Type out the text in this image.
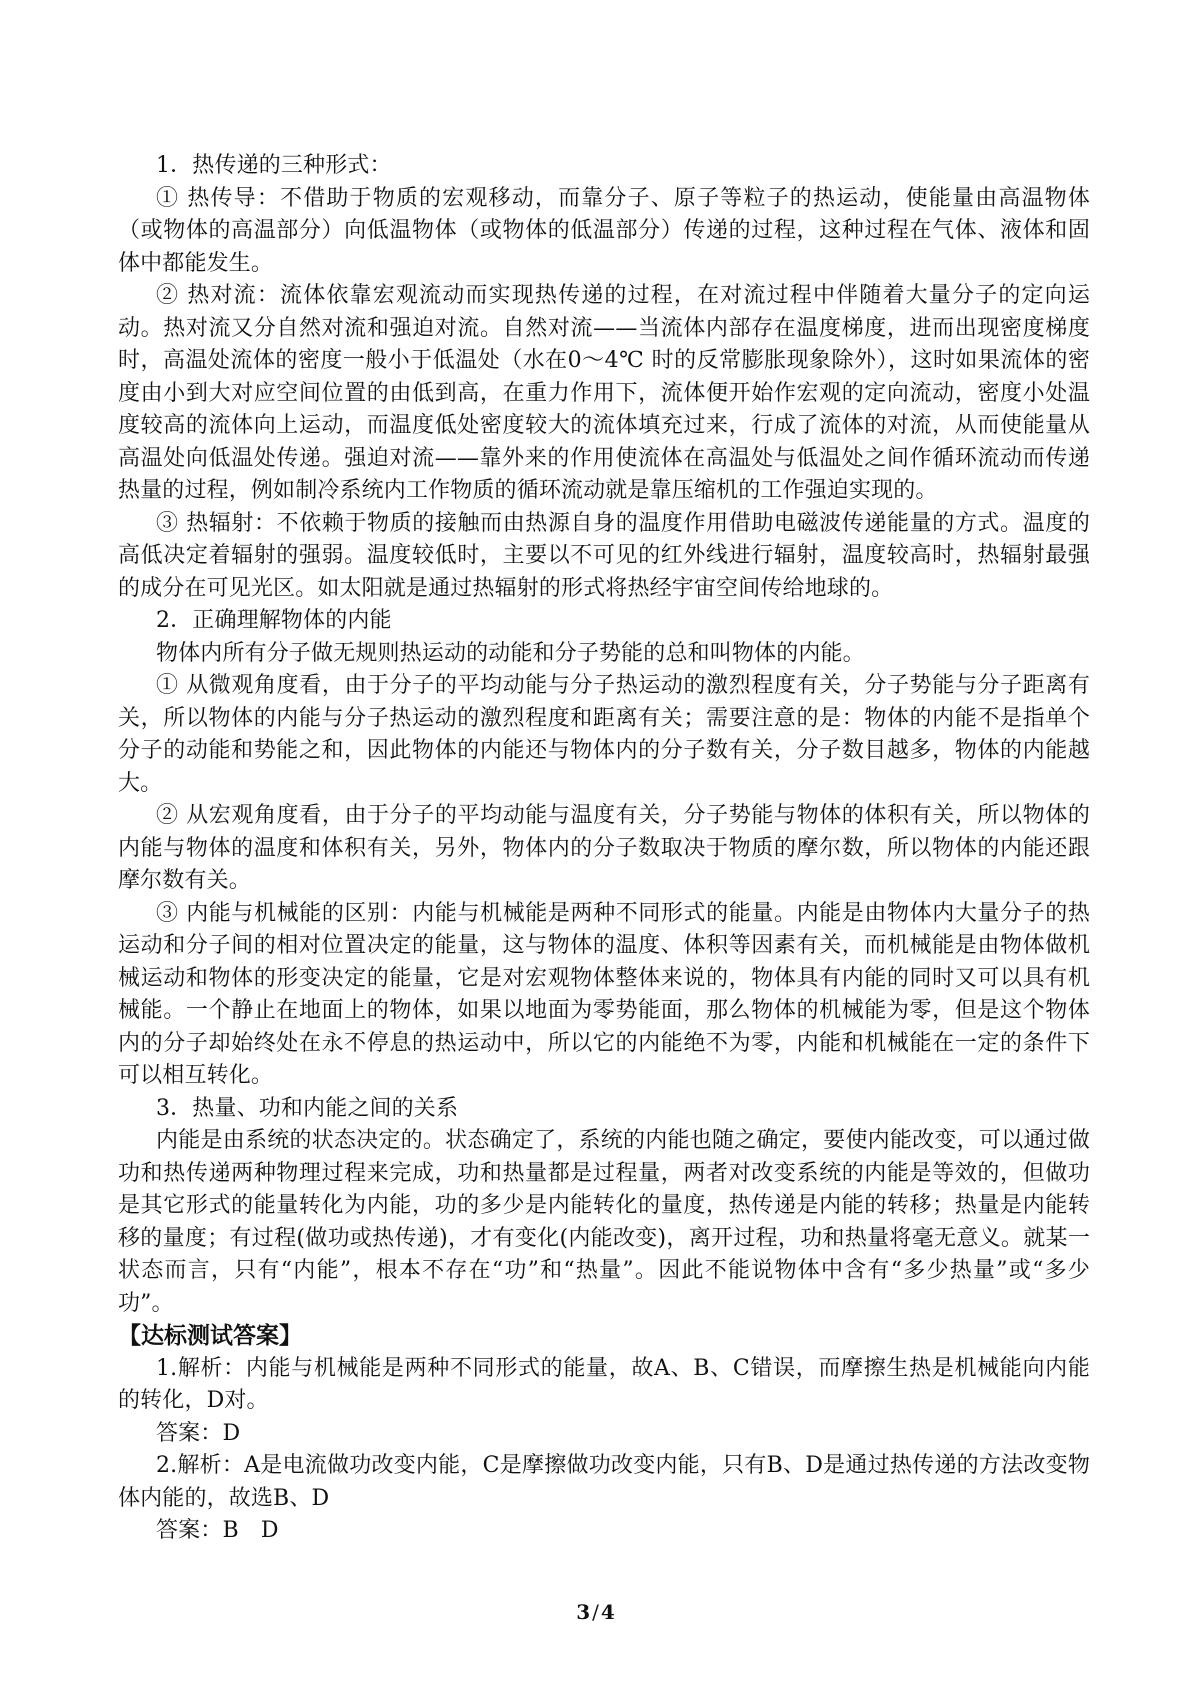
1．热传递的三种形式：

① 热传导：不借助于物质的宏观移动，而靠分子、原子等粒子的热运动，使能量由高温物体（或物体的高温部分）向低温物体（或物体的低温部分）传递的过程，这种过程在气体、液体和固体中都能发生。

② 热对流：流体依靠宏观流动而实现热传递的过程，在对流过程中伴随着大量分子的定向运动。热对流又分自然对流和强迫对流。自然对流——当流体内部存在温度梯度，进而出现密度梯度时，高温处流体的密度一般小于低温处（水在0～4℃ 时的反常膨胀现象除外），这时如果流体的密度由小到大对应空间位置的由低到高，在重力作用下，流体便开始作宏观的定向流动，密度小处温度较高的流体向上运动，而温度低处密度较大的流体填充过来，行成了流体的对流，从而使能量从高温处向低温处传递。强迫对流——靠外来的作用使流体在高温处与低温处之间作循环流动而传递热量的过程，例如制冷系统内工作物质的循环流动就是靠压缩机的工作强迫实现的。

③ 热辐射：不依赖于物质的接触而由热源自身的温度作用借助电磁波传递能量的方式。温度的高低决定着辐射的强弱。温度较低时，主要以不可见的红外线进行辐射，温度较高时，热辐射最强的成分在可见光区。如太阳就是通过热辐射的形式将热经宇宙空间传给地球的。

2．正确理解物体的内能

物体内所有分子做无规则热运动的动能和分子势能的总和叫物体的内能。

① 从微观角度看，由于分子的平均动能与分子热运动的激烈程度有关，分子势能与分子距离有关，所以物体的内能与分子热运动的激烈程度和距离有关；需要注意的是：物体的内能不是指单个分子的动能和势能之和，因此物体的内能还与物体内的分子数有关，分子数目越多，物体的内能越大。

② 从宏观角度看，由于分子的平均动能与温度有关，分子势能与物体的体积有关，所以物体的内能与物体的温度和体积有关，另外，物体内的分子数取决于物质的摩尔数，所以物体的内能还跟摩尔数有关。

③ 内能与机械能的区别：内能与机械能是两种不同形式的能量。内能是由物体内大量分子的热运动和分子间的相对位置决定的能量，这与物体的温度、体积等因素有关，而机械能是由物体做机械运动和物体的形变决定的能量，它是对宏观物体整体来说的，物体具有内能的同时又可以具有机械能。一个静止在地面上的物体，如果以地面为零势能面，那么物体的机械能为零，但是这个物体内的分子却始终处在永不停息的热运动中，所以它的内能绝不为零，内能和机械能在一定的条件下可以相互转化。

3．热量、功和内能之间的关系

内能是由系统的状态决定的。状态确定了，系统的内能也随之确定，要使内能改变，可以通过做功和热传递两种物理过程来完成，功和热量都是过程量，两者对改变系统的内能是等效的，但做功是其它形式的能量转化为内能，功的多少是内能转化的量度，热传递是内能的转移；热量是内能转移的量度；有过程(做功或热传递)，才有变化(内能改变)，离开过程，功和热量将毫无意义。就某一状态而言，只有“内能”，根本不存在“功”和“热量”。因此不能说物体中含有“多少热量”或“多少功”。

【达标测试答案】

1.解析：内能与机械能是两种不同形式的能量，故A、B、C错误，而摩擦生热是机械能向内能的转化，D对。

答案：D

2.解析：A是电流做功改变内能，C是摩擦做功改变内能，只有B、D是通过热传递的方法改变物体内能的，故选B、D

答案：B　D

3 / 4
